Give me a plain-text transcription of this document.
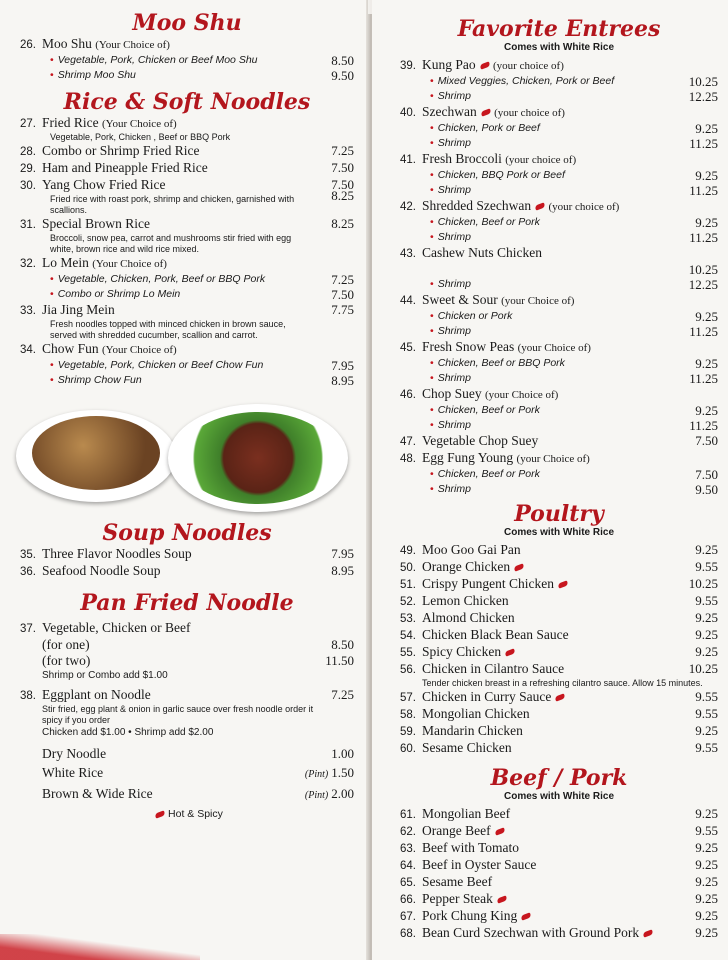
Moo Shu
26. Moo Shu (Your Choice of)
• Vegetable, Pork, Chicken or Beef Moo Shu	8.50
• Shrimp Moo Shu	9.50
Rice & Soft Noodles
27. Fried Rice (Your Choice of)
Vegetable, Pork, Chicken , Beef or BBQ Pork
28. Combo or Shrimp Fried Rice	7.25
29. Ham and Pineapple Fried Rice	7.50
30. Yang Chow Fried Rice	7.50
Fried rice with roast pork, shrimp and chicken, garnished with scallions.
8.25
31. Special Brown Rice	8.25
Broccoli, snow pea, carrot and mushrooms stir fried with egg white, brown rice and wild rice mixed.
32. Lo Mein (Your Choice of)
• Vegetable, Chicken, Pork, Beef or BBQ Pork	7.25
• Combo or Shrimp Lo Mein	7.50
33. Jia Jing Mein	7.75
Fresh noodles topped with minced chicken in brown sauce, served with shredded cucumber, scallion and carrot.
34. Chow Fun (Your Choice of)
• Vegetable, Pork, Chicken or Beef Chow Fun	7.95
• Shrimp Chow Fun	8.95
Soup Noodles
35. Three Flavor Noodles Soup	7.95
36. Seafood Noodle Soup	8.95
Pan Fried Noodle
37. Vegetable, Chicken or Beef
(for one)	8.50
(for two)	11.50
Shrimp or Combo add $1.00
38. Eggplant on Noodle	7.25
Stir fried, egg plant & onion in garlic sauce over fresh noodle order it spicy if you order
Chicken add $1.00 • Shrimp add $2.00
Dry Noodle	1.00
White Rice	(Pint) 1.50
Brown & Wide Rice	(Pint) 2.00
Hot & Spicy
Favorite Entrees
Comes with White Rice
39. Kung Pao (your choice of)
• Mixed Veggies, Chicken, Pork or Beef	10.25
• Shrimp	12.25
40. Szechwan (your choice of)
• Chicken, Pork or Beef	9.25
• Shrimp	11.25
41. Fresh Broccoli (your choice of)
• Chicken, BBQ Pork or Beef	9.25
• Shrimp	11.25
42. Shredded Szechwan (your choice of)
• Chicken, Beef or Pork	9.25
• Shrimp	11.25
43. Cashew Nuts Chicken
10.25
• Shrimp	12.25
44. Sweet & Sour (your Choice of)
• Chicken or Pork	9.25
• Shrimp	11.25
45. Fresh Snow Peas (your Choice of)
• Chicken, Beef or BBQ Pork	9.25
• Shrimp	11.25
46. Chop Suey (your Choice of)
• Chicken, Beef or Pork	9.25
• Shrimp	11.25
47. Vegetable Chop Suey	7.50
48. Egg Fung Young (your Choice of)
• Chicken, Beef or Pork	7.50
• Shrimp	9.50
Poultry
Comes with White Rice
49. Moo Goo Gai Pan	9.25
50. Orange Chicken	9.55
51. Crispy Pungent Chicken	10.25
52. Lemon Chicken	9.55
53. Almond Chicken	9.25
54. Chicken Black Bean Sauce	9.25
55. Spicy Chicken	9.25
56. Chicken in Cilantro Sauce	10.25
Tender chicken breast in a refreshing cilantro sauce. Allow 15 minutes.
57. Chicken in Curry Sauce	9.55
58. Mongolian Chicken	9.55
59. Mandarin Chicken	9.25
60. Sesame Chicken	9.55
Beef / Pork
Comes with White Rice
61. Mongolian Beef	9.25
62. Orange Beef	9.55
63. Beef with Tomato	9.25
64. Beef in Oyster Sauce	9.25
65. Sesame Beef	9.25
66. Pepper Steak	9.25
67. Pork Chung King	9.25
68. Bean Curd Szechwan with Ground Pork	9.25
